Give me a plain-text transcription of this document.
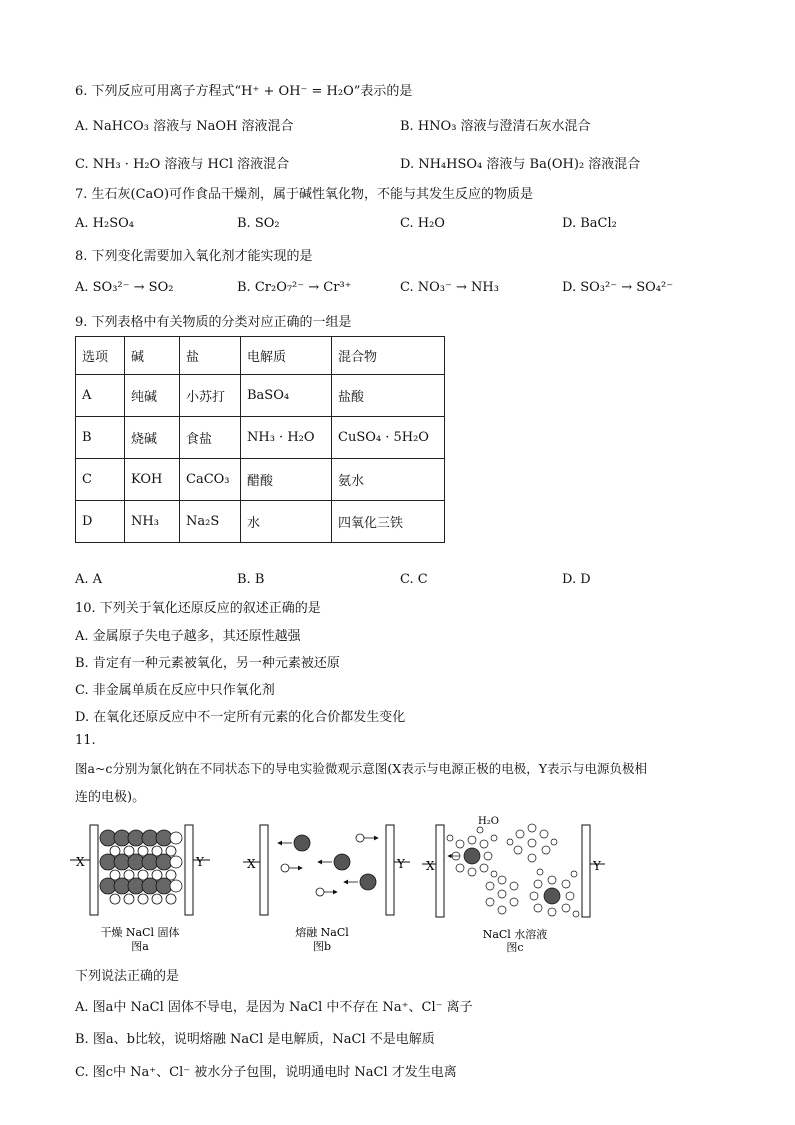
6. 下列反应可用离子方程式“H⁺ + OH⁻ = H₂O”表示的是
A. NaHCO₃ 溶液与 NaOH 溶液混合	B. HNO₃ 溶液与澄清石灰水混合
C. NH₃ · H₂O 溶液与 HCl 溶液混合	D. NH₄HSO₄ 溶液与 Ba(OH)₂ 溶液混合
7. 生石灰(CaO)可作食品干燥剂，属于碱性氧化物，不能与其发生反应的物质是
A. H₂SO₄	B. SO₂	C. H₂O	D. BaCl₂
8. 下列变化需要加入氧化剂才能实现的是
A. SO₃²⁻ → SO₂	B. Cr₂O₇²⁻ → Cr³⁺	C. NO₃⁻ → NH₃	D. SO₃²⁻ → SO₄²⁻
9. 下列表格中有关物质的分类对应正确的一组是
选项	碱	盐	电解质	混合物
A	纯碱	小苏打	BaSO₄	盐酸
B	烧碱	食盐	NH₃ · H₂O	CuSO₄ · 5H₂O
C	KOH	CaCO₃	醋酸	氨水
D	NH₃	Na₂S	水	四氧化三铁
A. A	B. B	C. C	D. D
10. 下列关于氧化还原反应的叙述正确的是
A. 金属原子失电子越多，其还原性越强
B. 肯定有一种元素被氧化，另一种元素被还原
C. 非金属单质在反应中只作氧化剂
D. 在氧化还原反应中不一定所有元素的化合价都发生变化
11.
图a~c分别为氯化钠在不同状态下的导电实验微观示意图(X表示与电源正极的电极，Y表示与电源负极相
连的电极)。
X	Y
干燥 NaCl 固体
图a
X	Y
熔融 NaCl
图b
X	Y
H₂O
NaCl 水溶液
图c
下列说法正确的是
A. 图a中 NaCl 固体不导电，是因为 NaCl 中不存在 Na⁺、Cl⁻ 离子
B. 图a、b比较，说明熔融 NaCl 是电解质，NaCl 不是电解质
C. 图c中 Na⁺、Cl⁻ 被水分子包围，说明通电时 NaCl 才发生电离
